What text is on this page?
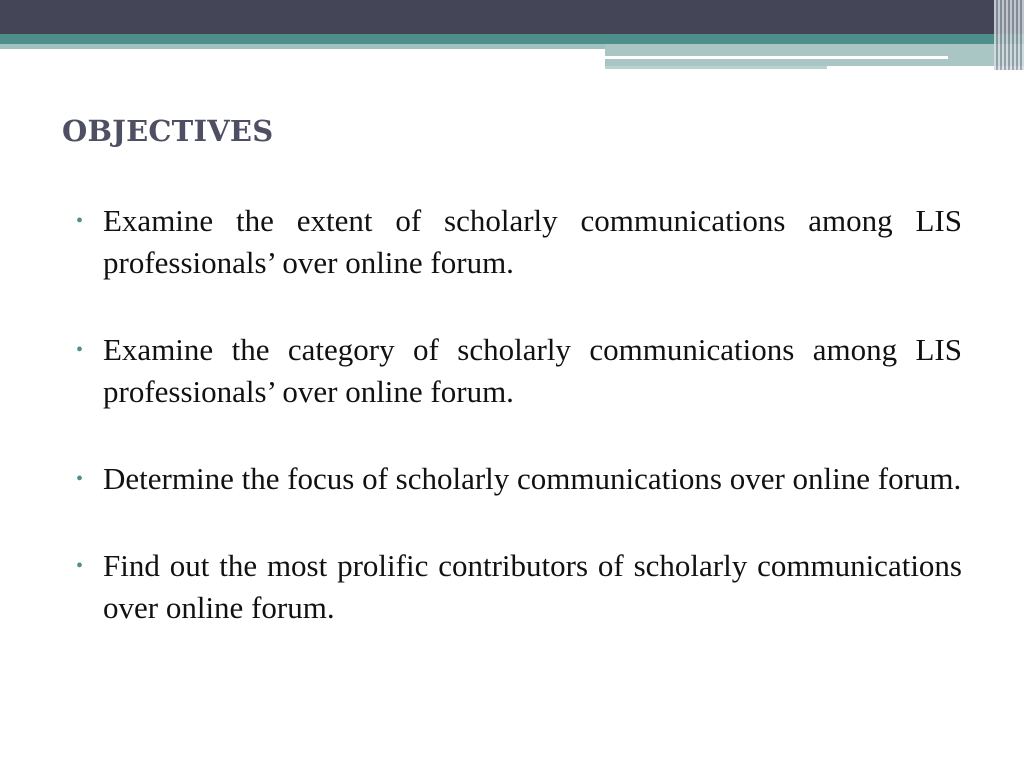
OBJECTIVES
• Examine the extent of scholarly communications among LIS professionals’ over online forum.
• Examine the category of scholarly communications among LIS professionals’ over online forum.
• Determine the focus of scholarly communications over online forum.
• Find out the most prolific contributors of scholarly communications over online forum.
